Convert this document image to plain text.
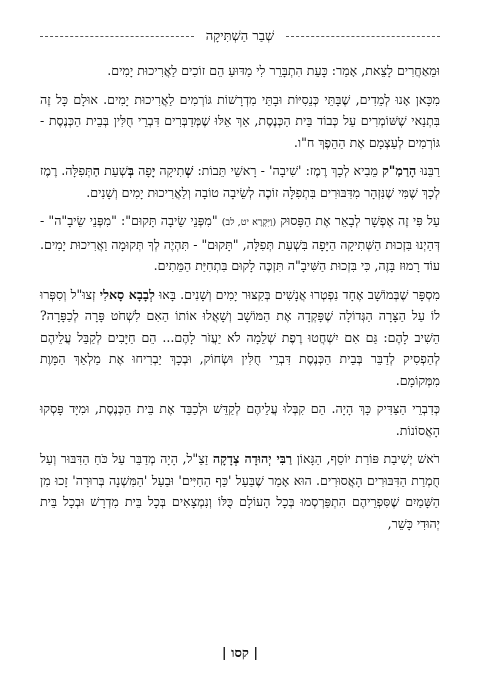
שְׁבַר הַשְׁתִּיקָה

וּמֵאַחֲרִים לָצֵאת, אָמַר: כָּעֵת הִתְבָּרֵר לִי מַדּוּעַ הֵם זוֹכִים לַאֲרִיכוּת יָמִים.

מִכָּאן אָנוּ לְמֵדִים, שֶׁבָּתֵּי כְּנֵסִיּוֹת וּבָתֵּי מִדְרָשׁוֹת גּוֹרְמִים לַאֲרִיכוּת יָמִים. אוּלָם כָּל זֶה בִּתְנַאי שֶׁשּׁוֹמְרִים עַל כְּבוֹד בֵּית הַכְּנֶסֶת, אַךְ אֵלּוּ שֶׁמְּדַבְּרִים דִּבְרֵי חֻלִּין בְּבֵית הַכְּנֶסֶת - גּוֹרְמִים לְעַצְמָם אֶת הַהֵפֶךְ ח"ו.

רַבֵּנוּ הָרַמַ"ק מֵבִיא לְכָךְ רֶמֶז: 'שִׁיבָה' - רָאשֵׁי תֵּבוֹת: שְׁתִיקָה יָפָה בְּשְׁעַת הַתְּפִלָּה. רֶמֶז לְכָךְ שֶׁמִּי שֶׁנִּזְהָר מִדִּבּוּרִים בִּתְפִלָּה זוֹכֶה לְשֵׂיבָה טוֹבָה וְלַאֲרִיכוּת יָמִים וְשָׁנִים.

עַל פִּי זֶה אֶפְשָׁר לְבָאֵר אֶת הַפָּסוּק (וַיִּקְרָא יט, לב) "מִפְּנֵי שֵׂיבָה תָּקוּם": "מִפְּנֵי שֵׂיבָ"ה" - דְּהַיְנוּ בִּזְכוּת הַשְּׁתִיקָה הַיָּפָה בִּשְׁעַת תְּפִלָּה, "תָּקוּם" - תִּהְיֶה לְךָ תְּקוּמָה וַאֲרִיכוּת יָמִים. עוֹד רָמוּז בָּזֶה, כִּי בִּזְכוּת הַשִּׁיבָ"ה תִּזְכֶּה לָקוּם בִּתְחִיַּת הַמֵּתִים.

מִסְפָּר שֶׁבְּמוֹשָׁב אֶחָד נִפְטְרוּ אֲנָשִׁים בְּקִצּוּר יָמִים וְשָׁנִים. בָּאוּ לְבָבָא סָאלִי זְצוּ"ל וְסִפְּרוּ לוֹ עַל הַצָּרָה הַגְּדוֹלָה שֶׁפָּקְדָה אֶת הַמּוֹשָׁב וְשָׁאֲלוּ אוֹתוֹ הַאִם לִשְׁחֹט פָּרָה לְכַפָּרָה? הֵשִׁיב לָהֶם: גַּם אִם יִשְׁחֲטוּ רֶפֶת שְׁלֵמָה לֹא יַעֲזֹר לָהֶם... הֵם חַיָּבִים לְקַבֵּל עֲלֵיהֶם לְהַפְסִיק לְדַבֵּר בְּבֵית הַכְּנֶסֶת דִּבְרֵי חֻלִּין וּשְׂחוֹק, וּבְכָךְ יַבְרִיחוּ אֶת מַלְאַךְ הַמָּוֶת מִמְּקוֹמָם.

כְּדִבְרֵי הַצַּדִּיק כָּךְ הָיָה. הֵם קִבְּלוּ עֲלֵיהֶם לְקַדֵּשׁ וּלְכַבֵּד אֶת בֵּית הַכְּנֶסֶת, וּמִיָּד פָּסְקוּ הָאֲסוֹנוֹת.

רֹאשׁ יְשִׁיבַת פּוֹרַת יוֹסֵף, הַגָּאוֹן רַבִּי יְהוּדָה צְדָקָה זַצַ"ל, הָיָה מְדַבֵּר עַל כֹּחַ הַדִּבּוּר וְעַל חֻמְרַת הַדִּבּוּרִים הָאֲסוּרִים. הוּא אָמַר שֶׁבַּעַל 'כַּף הַחַיִּים' וּבַעַל 'הַמִּשְׁנָה בְּרוּרָה' זָכוּ מִן הַשָּׁמַיִם שֶׁסִּפְרֵיהֶם הִתְפַּרְסְמוּ בְּכָל הָעוֹלָם כֻּלּוֹ וְנִמְצָאִים בְּכָל בֵּית מִדְרָשׁ וּבְכָל בֵּית יְהוּדִי כָּשֵׁר,

| קסו |
